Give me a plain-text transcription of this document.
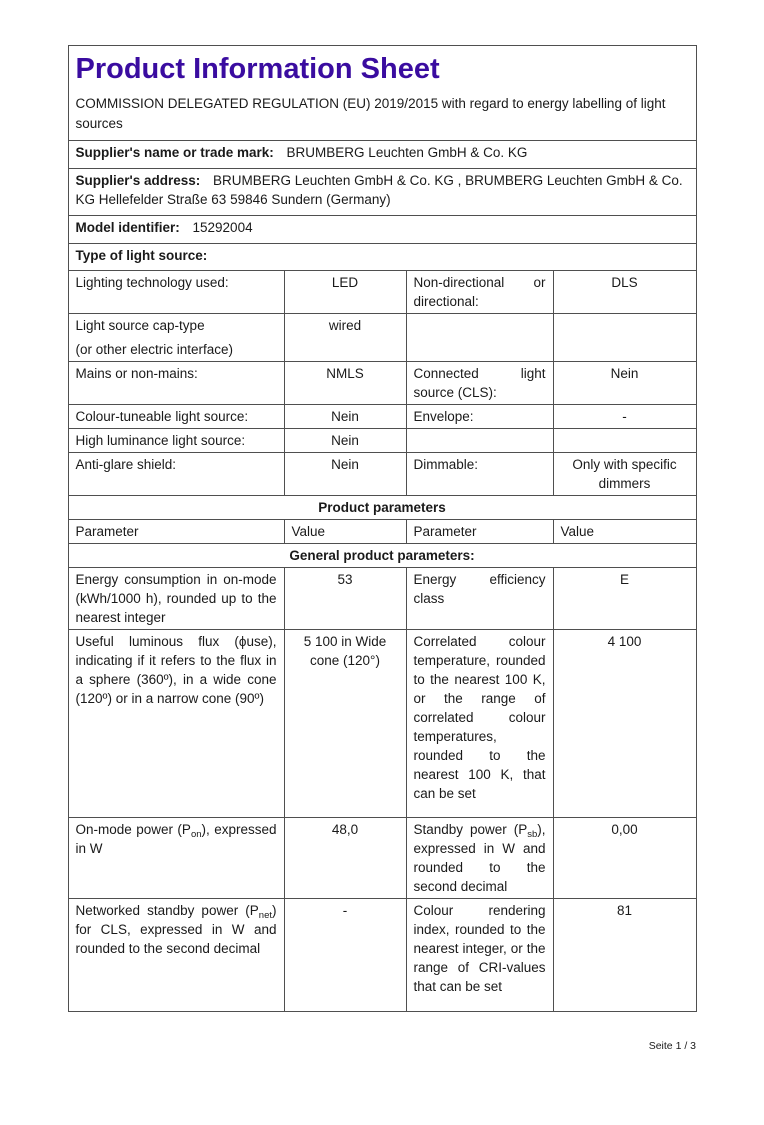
Product Information Sheet

COMMISSION DELEGATED REGULATION (EU) 2019/2015 with regard to energy labelling of light sources

Supplier's name or trade mark: BRUMBERG Leuchten GmbH & Co. KG			
Supplier's address: BRUMBERG Leuchten GmbH & Co. KG , BRUMBERG Leuchten GmbH & Co. KG Hellefelder Straße 63 59846 Sundern (Germany)			
Model identifier: 15292004			
Type of light source:			
Lighting technology used:	LED	Non-directional or directional:	DLS

Light source cap-type
(or other electric interface)	wired		
Mains or non-mains:	NMLS	Connected light source (CLS):	Nein
Colour-tuneable light source:	Nein	Envelope:	-
High luminance light source:	Nein		
Anti-glare shield:	Nein	Dimmable:	Only with specific dimmers
Product parameters			
Parameter	Value	Parameter	Value
General product parameters:			
Energy consumption in on-mode (kWh/1000 h), rounded up to the nearest integer	53	Energy efficiency class	E
Useful luminous flux (ϕuse), indicating if it refers to the flux in a sphere (360º), in a wide cone (120º) or in a narrow cone (90º)	5 100 in Wide cone (120°)	Correlated colour temperature, rounded to the nearest 100 K, or the range of correlated colour temperatures, rounded to the nearest 100 K, that can be set	4 100
On-mode power $(P_{on})$, expressed in W	48,0	Standby power $(P_{sb})$, expressed in W and rounded to the second decimal	0,00
Networked standby power $(P_{net})$ for CLS, expressed in W and rounded to the second decimal	-	Colour rendering index, rounded to the nearest integer, or the range of CRI-values that can be set	81
Seite 1 / 3
